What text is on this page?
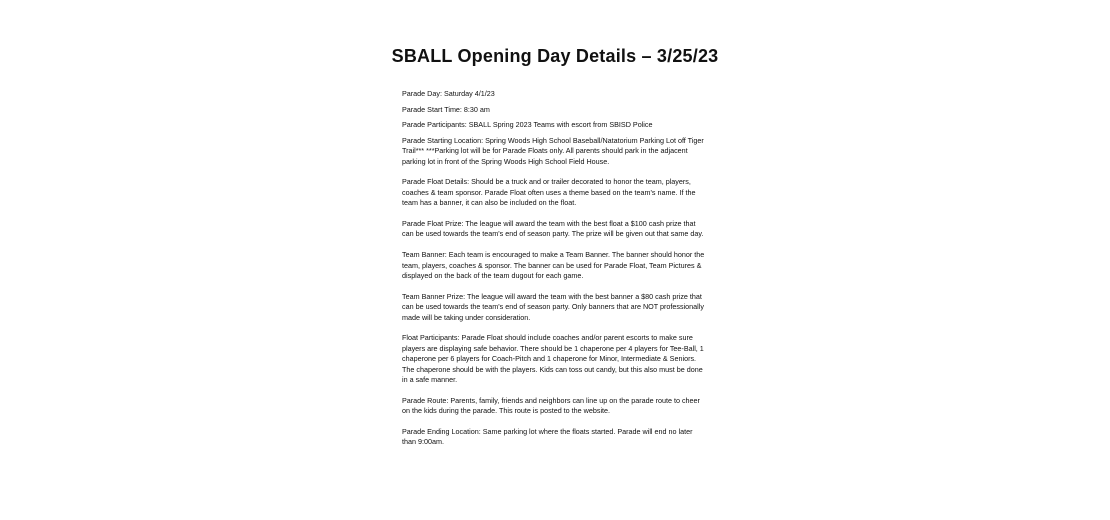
SBALL Opening Day Details – 3/25/23

Parade Day: Saturday 4/1/23

Parade Start Time: 8:30 am

Parade Participants: SBALL Spring 2023 Teams with escort from SBISD Police

Parade Starting Location: Spring Woods High School Baseball/Natatorium Parking Lot off Tiger Trail*** ***Parking lot will be for Parade Floats only. All parents should park in the adjacent parking lot in front of the Spring Woods High School Field House.

Parade Float Details: Should be a truck and or trailer decorated to honor the team, players, coaches & team sponsor. Parade Float often uses a theme based on the team's name. If the team has a banner, it can also be included on the float.

Parade Float Prize: The league will award the team with the best float a $100 cash prize that can be used towards the team's end of season party. The prize will be given out that same day.

Team Banner: Each team is encouraged to make a Team Banner. The banner should honor the team, players, coaches & sponsor. The banner can be used for Parade Float, Team Pictures & displayed on the back of the team dugout for each game.

Team Banner Prize: The league will award the team with the best banner a $80 cash prize that can be used towards the team's end of season party. Only banners that are NOT professionally made will be taking under consideration.

Float Participants: Parade Float should include coaches and/or parent escorts to make sure players are displaying safe behavior. There should be 1 chaperone per 4 players for Tee-Ball, 1 chaperone per 6 players for Coach-Pitch and 1 chaperone for Minor, Intermediate & Seniors. The chaperone should be with the players. Kids can toss out candy, but this also must be done in a safe manner.

Parade Route: Parents, family, friends and neighbors can line up on the parade route to cheer on the kids during the parade. This route is posted to the website.

Parade Ending Location: Same parking lot where the floats started. Parade will end no later than 9:00am.
